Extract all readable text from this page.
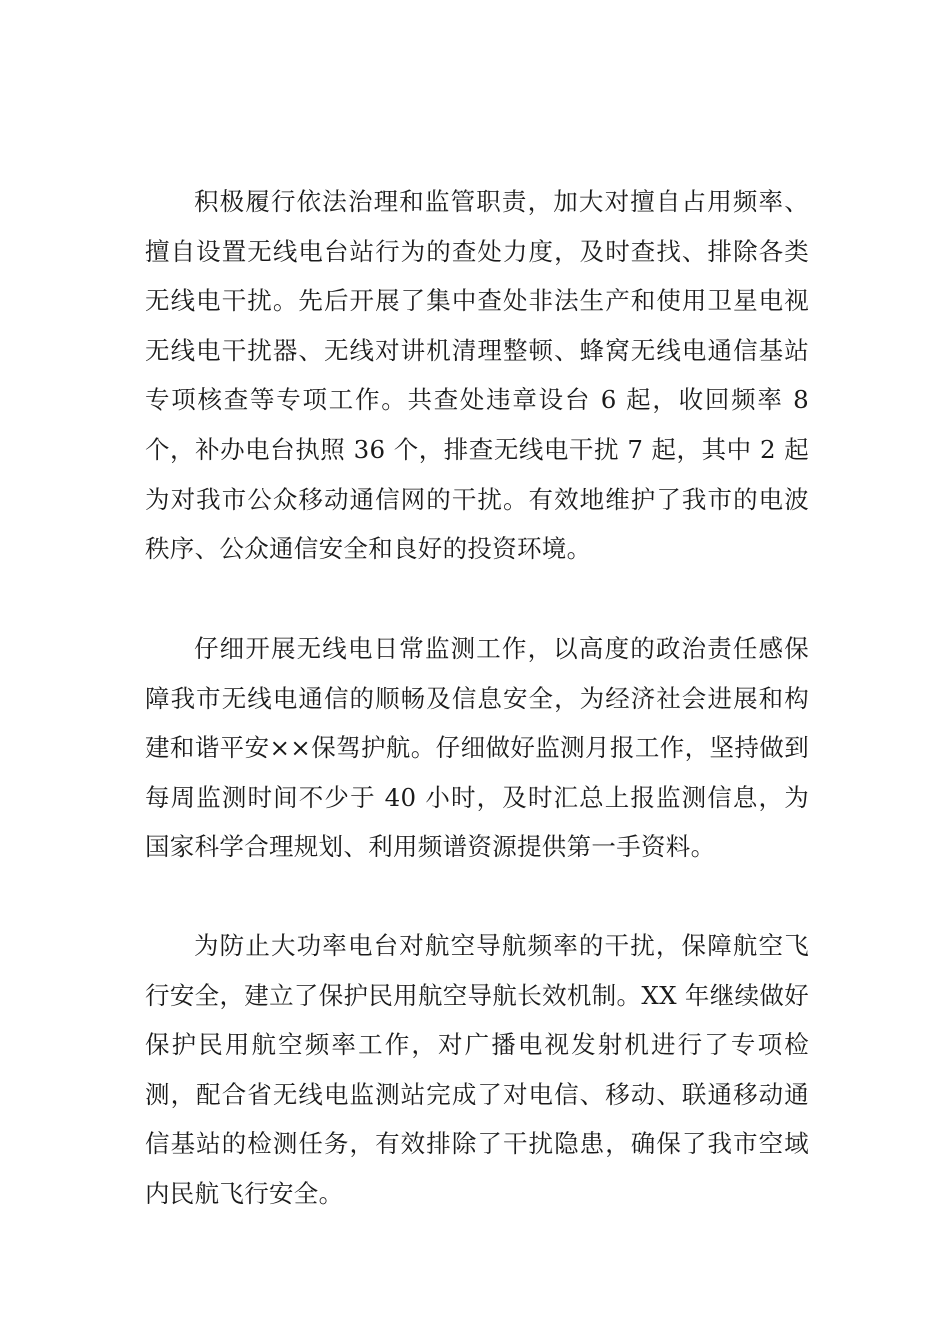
积极履行依法治理和监管职责，加大对擅自占用频率、擅自设置无线电台站行为的查处力度，及时查找、排除各类无线电干扰。先后开展了集中查处非法生产和使用卫星电视无线电干扰器、无线对讲机清理整顿、蜂窝无线电通信基站专项核查等专项工作。共查处违章设台 6 起，收回频率 8 个，补办电台执照 36 个，排查无线电干扰 7 起，其中 2 起为对我市公众移动通信网的干扰。有效地维护了我市的电波秩序、公众通信安全和良好的投资环境。

仔细开展无线电日常监测工作，以高度的政治责任感保障我市无线电通信的顺畅及信息安全，为经济社会进展和构建和谐平安××保驾护航。仔细做好监测月报工作，坚持做到每周监测时间不少于 40 小时，及时汇总上报监测信息，为国家科学合理规划、利用频谱资源提供第一手资料。

为防止大功率电台对航空导航频率的干扰，保障航空飞行安全，建立了保护民用航空导航长效机制。XX 年继续做好保护民用航空频率工作，对广播电视发射机进行了专项检测，配合省无线电监测站完成了对电信、移动、联通移动通信基站的检测任务，有效排除了干扰隐患，确保了我市空域内民航飞行安全。
